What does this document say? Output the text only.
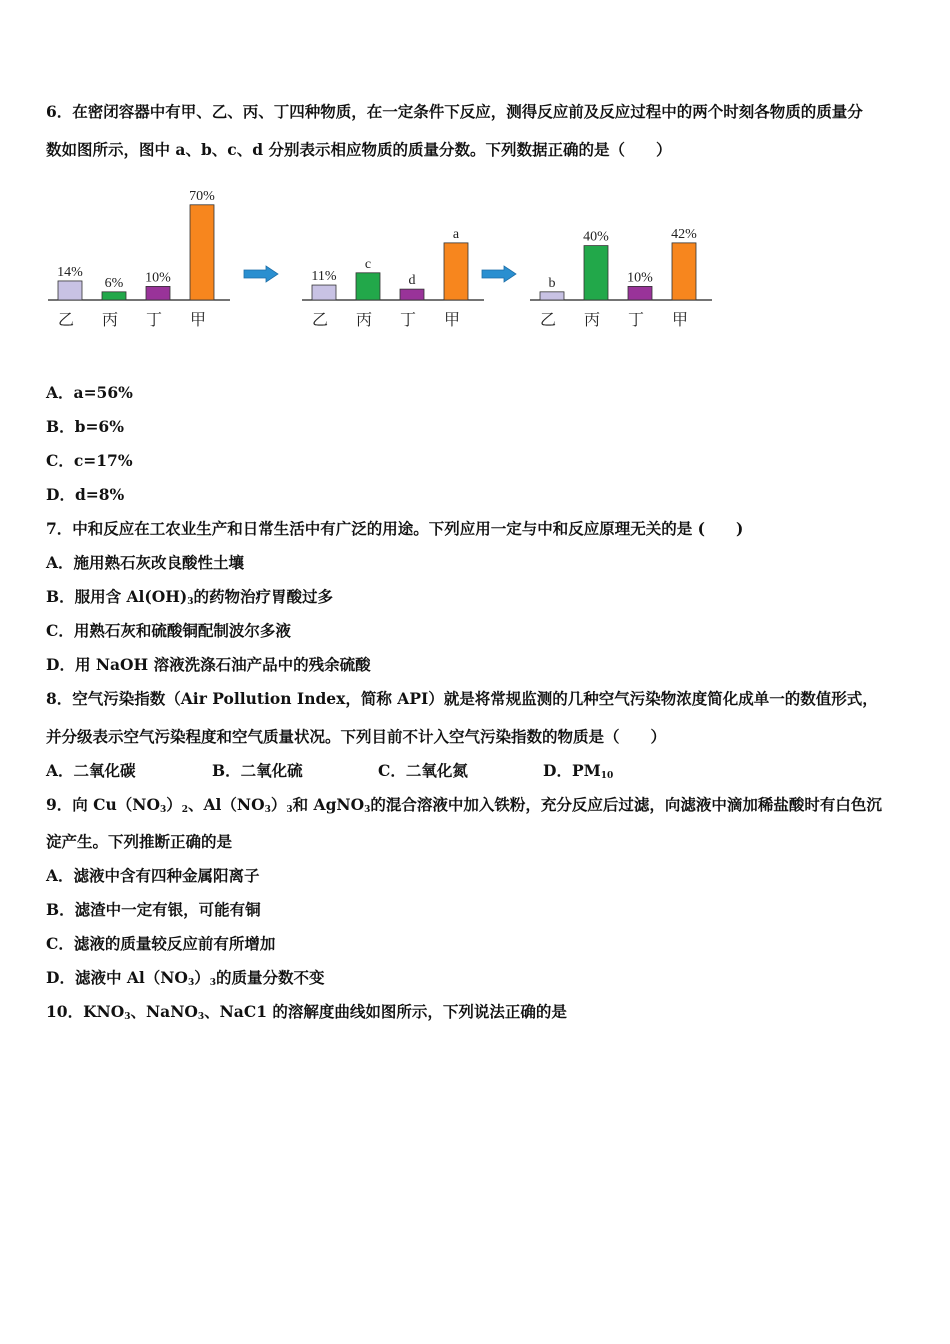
6．在密闭容器中有甲、乙、丙、丁四种物质，在一定条件下反应，测得反应前及反应过程中的两个时刻各物质的质量分

数如图所示，图中 a、b、c、d 分别表示相应物质的质量分数。下列数据正确的是（　　）

14%
乙
6%
丙
10%
丁
70%
甲
11%
乙
c
丙
d
丁
a
甲
b
乙
40%
丙
10%
丁
42%
甲

A．a=56%

B．b=6%

C．c=17%

D．d=8%

7．中和反应在工农业生产和日常生活中有广泛的用途。下列应用一定与中和反应原理无关的是 (　　)

A．施用熟石灰改良酸性土壤

B．服用含 $Al(OH)_3$的药物治疗胃酸过多

C．用熟石灰和硫酸铜配制波尔多液

D．用 NaOH 溶液洗涤石油产品中的残余硫酸

8．空气污染指数（Air Pollution Index，简称 API）就是将常规监测的几种空气污染物浓度简化成单一的数值形式，

并分级表示空气污染程度和空气质量状况。下列目前不计入空气污染指数的物质是（　　）

A．二氧化碳	B．二氧化硫	C．二氧化氮	D．$PM_{10}$

9．向 $Cu(NO_3)_2$、$Al(NO_3)_3$和 AgNO$_3$的混合溶液中加入铁粉，充分反应后过滤，向滤液中滴加稀盐酸时有白色沉

淀产生。下列推断正确的是

A．滤液中含有四种金属阳离子

B．滤渣中一定有银，可能有铜

C．滤液的质量较反应前有所增加

D．滤液中 $Al(NO_3)_3$的质量分数不变

10．$KNO_3$、NaNO$_3$、NaC1 的溶解度曲线如图所示，下列说法正确的是
